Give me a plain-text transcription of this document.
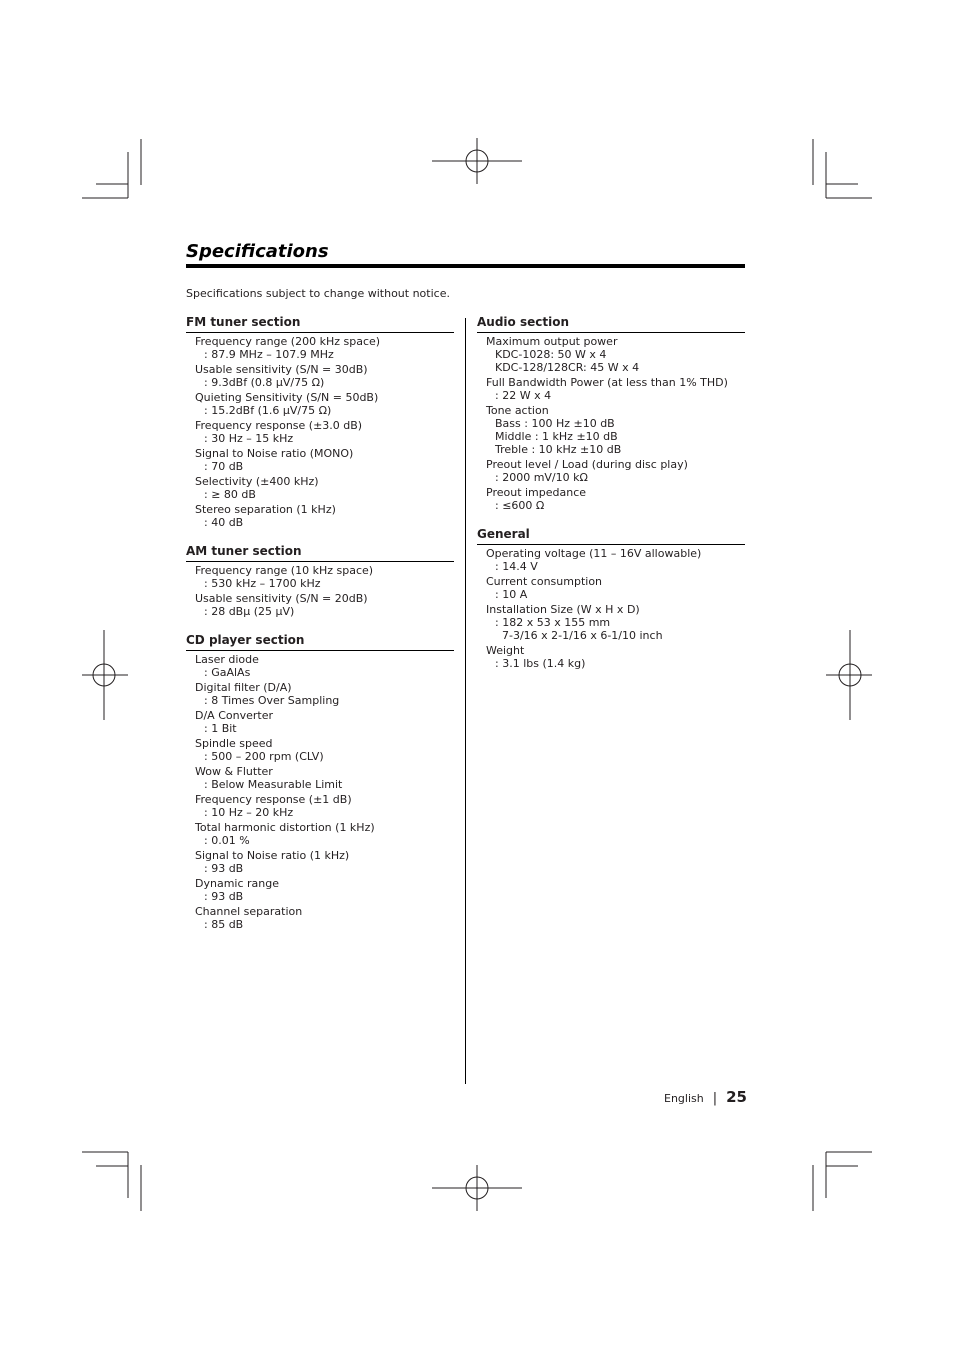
Specifications
Specifications subject to change without notice.
FM tuner section
Frequency range (200 kHz space)
: 87.9 MHz – 107.9 MHz
Usable sensitivity (S/N = 30dB)
: 9.3dBf (0.8 μV/75 Ω)
Quieting Sensitivity (S/N = 50dB)
: 15.2dBf (1.6 μV/75 Ω)
Frequency response (±3.0 dB)
: 30 Hz – 15 kHz
Signal to Noise ratio (MONO)
: 70 dB
Selectivity (±400 kHz)
: ≥ 80 dB
Stereo separation (1 kHz)
: 40 dB
AM tuner section
Frequency range (10 kHz space)
: 530 kHz – 1700 kHz
Usable sensitivity (S/N = 20dB)
: 28 dBμ (25 μV)
CD player section
Laser diode
: GaAlAs
Digital filter (D/A)
: 8 Times Over Sampling
D/A Converter
: 1 Bit
Spindle speed
: 500 – 200 rpm (CLV)
Wow & Flutter
: Below Measurable Limit
Frequency response (±1 dB)
: 10 Hz – 20 kHz
Total harmonic distortion (1 kHz)
: 0.01 %
Signal to Noise ratio (1 kHz)
: 93 dB
Dynamic range
: 93 dB
Channel separation
: 85 dB
Audio section
Maximum output power
KDC-1028: 50 W x 4
KDC-128/128CR: 45 W x 4
Full Bandwidth Power (at less than 1% THD)
: 22 W x 4
Tone action
Bass : 100 Hz ±10 dB
Middle : 1 kHz ±10 dB
Treble : 10 kHz ±10 dB
Preout level / Load (during disc play)
: 2000 mV/10 kΩ
Preout impedance
: ≤600 Ω
General
Operating voltage (11 – 16V allowable)
: 14.4 V
Current consumption
: 10 A
Installation Size (W x H x D)
: 182 x 53 x 155 mm
7-3/16 x 2-1/16 x 6-1/10 inch
Weight
: 3.1 lbs (1.4 kg)
English | 25
